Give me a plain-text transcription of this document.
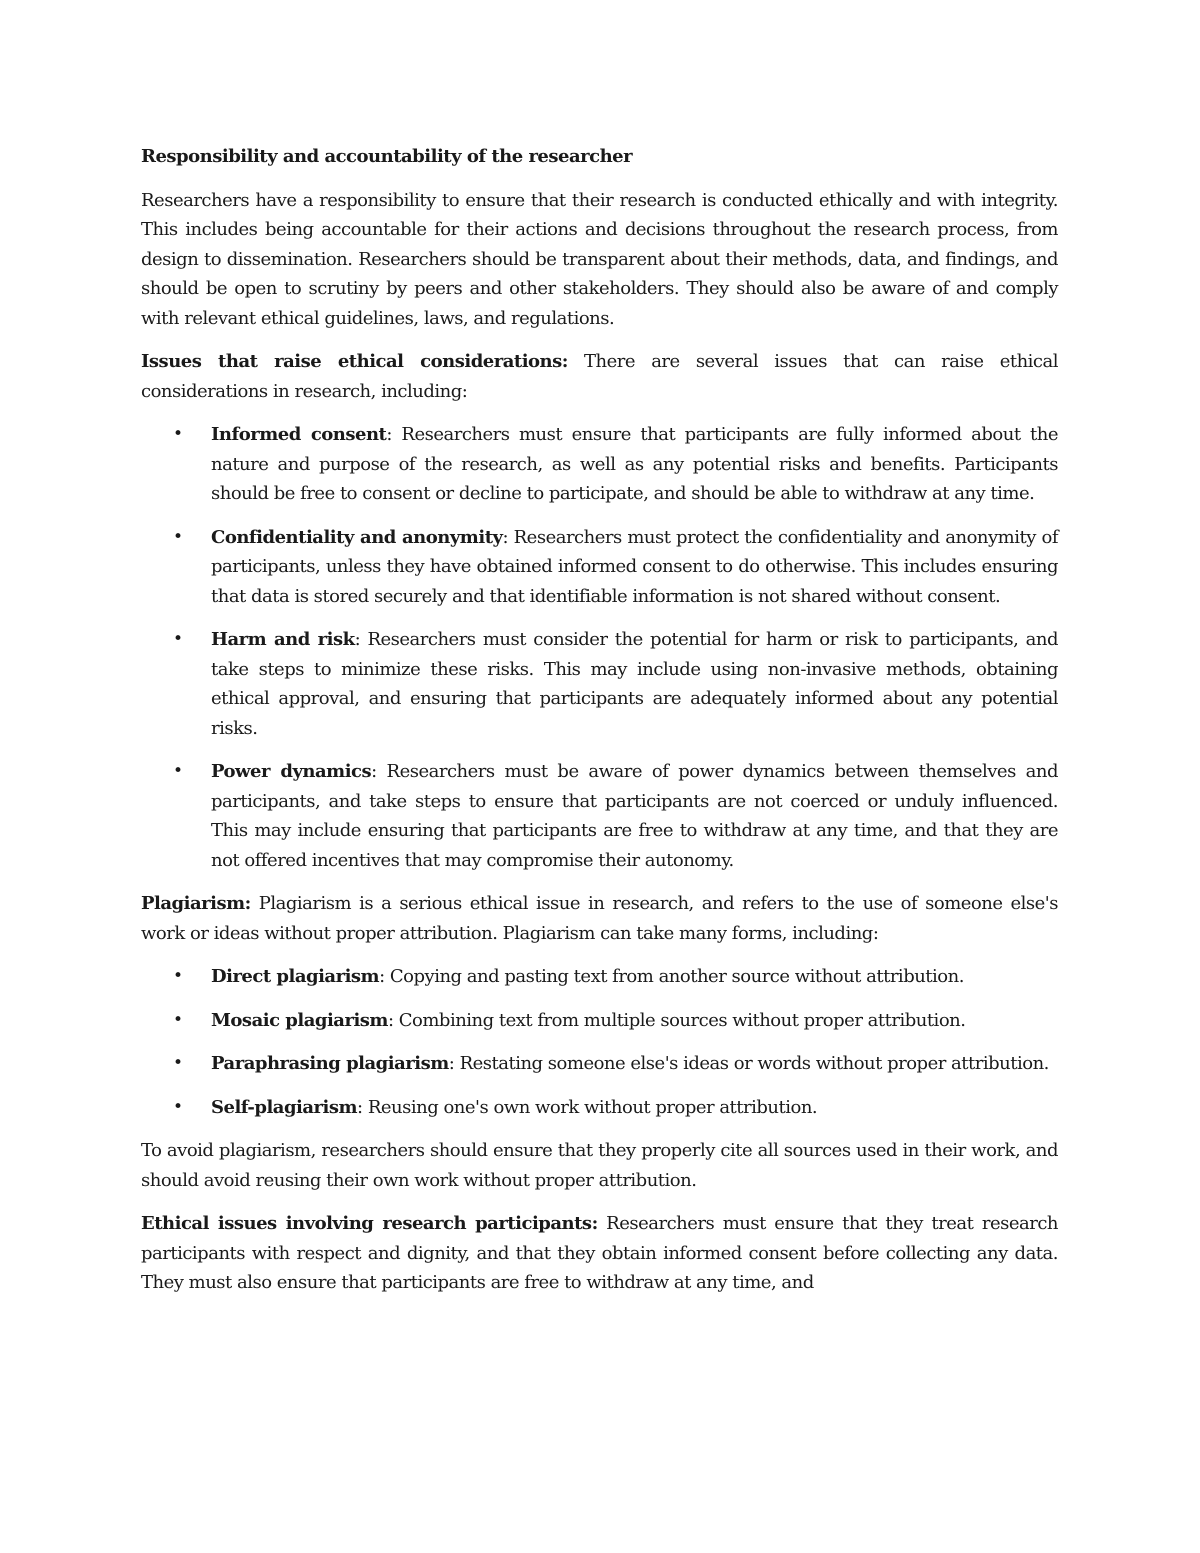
Responsibility and accountability of the researcher

Researchers have a responsibility to ensure that their research is conducted ethically and with integrity. This includes being accountable for their actions and decisions throughout the research process, from design to dissemination. Researchers should be transparent about their methods, data, and findings, and should be open to scrutiny by peers and other stakeholders. They should also be aware of and comply with relevant ethical guidelines, laws, and regulations.

Issues that raise ethical considerations: There are several issues that can raise ethical considerations in research, including:

• Informed consent: Researchers must ensure that participants are fully informed about the nature and purpose of the research, as well as any potential risks and benefits. Participants should be free to consent or decline to participate, and should be able to withdraw at any time.
• Confidentiality and anonymity: Researchers must protect the confidentiality and anonymity of participants, unless they have obtained informed consent to do otherwise. This includes ensuring that data is stored securely and that identifiable information is not shared without consent.
• Harm and risk: Researchers must consider the potential for harm or risk to participants, and take steps to minimize these risks. This may include using non-invasive methods, obtaining ethical approval, and ensuring that participants are adequately informed about any potential risks.
• Power dynamics: Researchers must be aware of power dynamics between themselves and participants, and take steps to ensure that participants are not coerced or unduly influenced. This may include ensuring that participants are free to withdraw at any time, and that they are not offered incentives that may compromise their autonomy.

Plagiarism: Plagiarism is a serious ethical issue in research, and refers to the use of someone else's work or ideas without proper attribution. Plagiarism can take many forms, including:

• Direct plagiarism: Copying and pasting text from another source without attribution.
• Mosaic plagiarism: Combining text from multiple sources without proper attribution.
• Paraphrasing plagiarism: Restating someone else's ideas or words without proper attribution.
• Self-plagiarism: Reusing one's own work without proper attribution.

To avoid plagiarism, researchers should ensure that they properly cite all sources used in their work, and should avoid reusing their own work without proper attribution.

Ethical issues involving research participants: Researchers must ensure that they treat research participants with respect and dignity, and that they obtain informed consent before collecting any data. They must also ensure that participants are free to withdraw at any time, and
